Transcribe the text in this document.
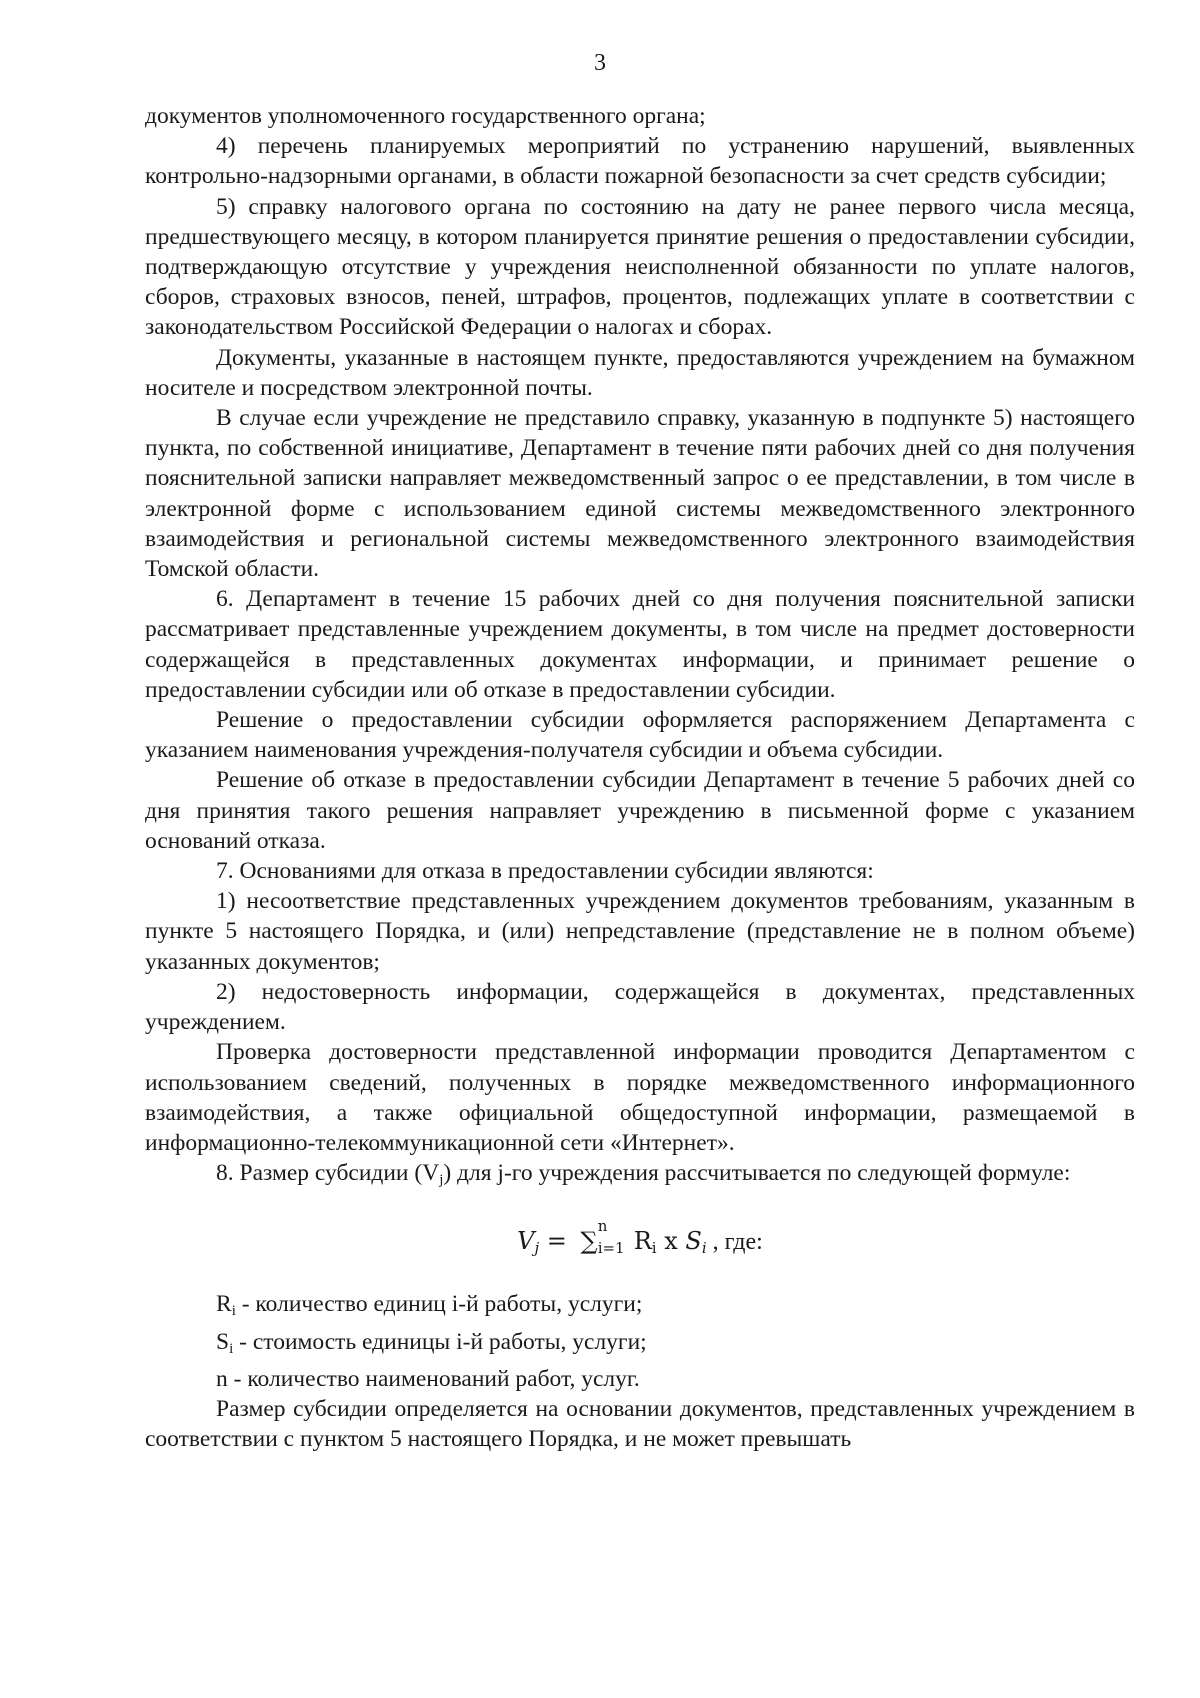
3

документов уполномоченного государственного органа;

4) перечень планируемых мероприятий по устранению нарушений, выявленных контрольно-надзорными органами, в области пожарной безопасности за счет средств субсидии;

5) справку налогового органа по состоянию на дату не ранее первого числа месяца, предшествующего месяцу, в котором планируется принятие решения о предоставлении субсидии, подтверждающую отсутствие у учреждения неисполненной обязанности по уплате налогов, сборов, страховых взносов, пеней, штрафов, процентов, подлежащих уплате в соответствии с законодательством Российской Федерации о налогах и сборах.

Документы, указанные в настоящем пункте, предоставляются учреждением на бумажном носителе и посредством электронной почты.

В случае если учреждение не представило справку, указанную в подпункте 5) настоящего пункта, по собственной инициативе, Департамент в течение пяти рабочих дней со дня получения пояснительной записки направляет межведомственный запрос о ее представлении, в том числе в электронной форме с использованием единой системы межведомственного электронного взаимодействия и региональной системы межведомственного электронного взаимодействия Томской области.

6. Департамент в течение 15 рабочих дней со дня получения пояснительной записки рассматривает представленные учреждением документы, в том числе на предмет достоверности содержащейся в представленных документах информации, и принимает решение о предоставлении субсидии или об отказе в предоставлении субсидии.

Решение о предоставлении субсидии оформляется распоряжением Департамента с указанием наименования учреждения-получателя субсидии и объема субсидии.

Решение об отказе в предоставлении субсидии Департамент в течение 5 рабочих дней со дня принятия такого решения направляет учреждению в письменной форме с указанием оснований отказа.

7. Основаниями для отказа в предоставлении субсидии являются:

1) несоответствие представленных учреждением документов требованиям, указанным в пункте 5 настоящего Порядка, и (или) непредставление (представление не в полном объеме) указанных документов;

2) недостоверность информации, содержащейся в документах, представленных учреждением.

Проверка достоверности представленной информации проводится Департаментом с использованием сведений, полученных в порядке межведомственного информационного взаимодействия, а также официальной общедоступной информации, размещаемой в информационно-телекоммуникационной сети «Интернет».

8. Размер субсидии $(V_j)$ для j-го учреждения рассчитывается по следующей формуле:

$V_j$ = ∑
n
i=1 $R_i$ x $S_i$ , где:

$R_i$ - количество единиц i-й работы, услуги;

$S_i$ - стоимость единицы i-й работы, услуги;

n - количество наименований работ, услуг.

Размер субсидии определяется на основании документов, представленных учреждением в соответствии с пунктом 5 настоящего Порядка, и не может превышать
